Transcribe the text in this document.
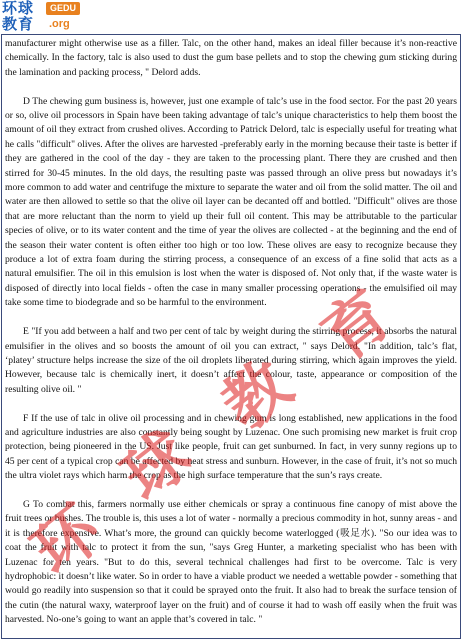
环球
教育
GEDU
.org

manufacturer might otherwise use as a filler. Talc, on the other hand, makes an ideal filler because it’s non-reactive chemically. In the factory, talc is also used to dust the gum base pellets and to stop the chewing gum sticking during the lamination and packing process, " Delord adds.

D The chewing gum business is, however, just one example of talc’s use in the food sector. For the past 20 years or so, olive oil processors in Spain have been taking advantage of talc’s unique characteristics to help them boost the amount of oil they extract from crushed olives. According to Patrick Delord, talc is especially useful for treating what he calls "difficult" olives. After the olives are harvested -preferably early in the morning because their taste is better if they are gathered in the cool of the day - they are taken to the processing plant. There they are crushed and then stirred for 30-45 minutes. In the old days, the resulting paste was passed through an olive press but nowadays it’s more common to add water and centrifuge the mixture to separate the water and oil from the solid matter. The oil and water are then allowed to settle so that the olive oil layer can be decanted off and bottled. "Difficult" olives are those that are more reluctant than the norm to yield up their full oil content. This may be attributable to the particular species of olive, or to its water content and the time of year the olives are collected - at the beginning and the end of the season their water content is often either too high or too low. These olives are easy to recognize because they produce a lot of extra foam during the stirring process, a consequence of an excess of a fine solid that acts as a natural emulsifier. The oil in this emulsion is lost when the water is disposed of. Not only that, if the waste water is disposed of directly into local fields - often the case in many smaller processing operations - the emulsified oil may take some time to biodegrade and so be harmful to the environment.

E "If you add between a half and two per cent of talc by weight during the stirring process, it absorbs the natural emulsifier in the olives and so boosts the amount of oil you can extract, " says Delord. "In addition, talc’s flat, ‘platey’ structure helps increase the size of the oil droplets liberated during stirring, which again improves the yield. However, because talc is chemically inert, it doesn’t affect the colour, taste, appearance or composition of the resulting olive oil. "

F If the use of talc in olive oil processing and in chewing gum is long established, new applications in the food and agriculture industries are also constantly being sought by Luzenac. One such promising new market is fruit crop protection, being pioneered in the US. Just like people, fruit can get sunburned. In fact, in very sunny regions up to 45 per cent of a typical crop can be affected by heat stress and sunburn. However, in the case of fruit, it’s not so much the ultra violet rays which harm the crop as the high surface temperature that the sun’s rays create.

G To combat this, farmers normally use either chemicals or spray a continuous fine canopy of mist above the fruit trees or bushes. The trouble is, this uses a lot of water - normally a precious commodity in hot, sunny areas - and it is therefore expensive. What’s more, the ground can quickly become waterlogged (吸足水). "So our idea was to coat the fruit with talc to protect it from the sun, "says Greg Hunter, a marketing specialist who has been with Luzenac for ten years. "But to do this, several technical challenges had first to be overcome. Talc is very hydrophobic: it doesn’t like water. So in order to have a viable product we needed a wettable powder - something that would go readily into suspension so that it could be sprayed onto the fruit. It also had to break the surface tension of the cutin (the natural waxy, waterproof layer on the fruit) and of course it had to wash off easily when the fruit was harvested. No-one’s going to want an apple that’s covered in talc. "

环
球
教
育
